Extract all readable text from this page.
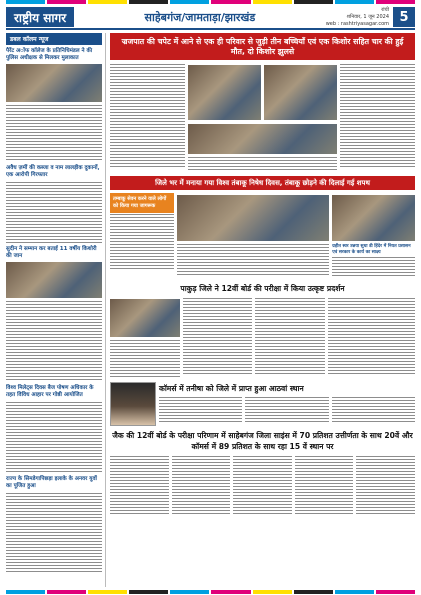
राष्ट्रीय सागर	साहेबगंज/जामताड़ा/झारखंड
रांची
शनिवार, 1 जून 2024
web : rashtriyasagar.com 5
डबल कॉलम न्यूज
पैरेंट अॉफ कॉलेज के प्रतिनिधिमंडल ने की पुलिस अधीक्षक से मिलकर मुलाकात
अवैध ज़मीं की कब्जा व नाम लालड़ीक दुकानों, एक आरोपी गिरफ्तार
सुदीन ने सम्मान कर बताई 11 वर्षीय किशोरी की जान
विश्व मिलेट्स दिवस बैज पोषण अधिकार के तहत विविध आहार पर गोष्ठी आयोजित
राज्य के सिमडेगापिछड़ा इलाके के अनवर युवों का पूजित हुआ
ज्रजपात की चपेट में आने से एक ही परिवार से जुड़ी तीन बच्चियाँ एवं एक किशोर सहित चार की हुई मौत, दो किशोर झुलसे
जिले भर में मनाया गया विश्व तंबाकू निषेध दिवस, तंबाकू छोड़ने की दिलाई गई शपथ
तम्बाकू सेवन करने वाले लोगों को किया गया जागरूक
ग्रहीत स्वर उन्नया सुधा डी हिंदेर में नियत प्रशासन एवं सरकार के कार्य का साक्ष्य
पाकुड़ जिले ने 12वीं बोर्ड की परीक्षा में किया उत्कृष्ट प्रदर्शन
कॉमर्स में तनीषा को जिले में प्राप्त हुआ आठवां स्थान
जैक की 12वीं बोर्ड के परीक्षा परिणाम में साहेबगंज जिला साइंस में 70 प्रतिशत उत्तीर्णता के साथ 20वें और कॉमर्स में 89 प्रतिशत के साथ रहा 15 वें स्थान पर
